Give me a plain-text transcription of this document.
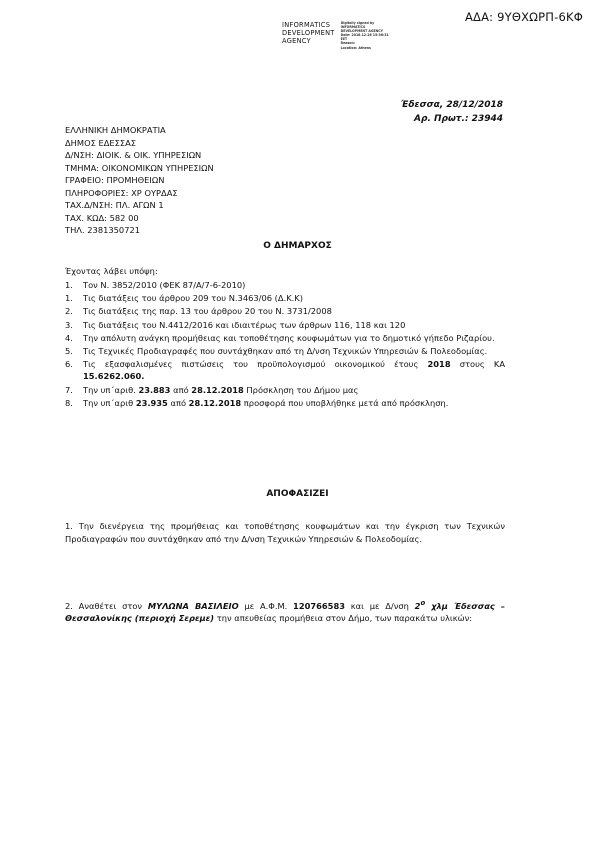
ΑΔΑ: 9ΥΘΧΩΡΠ-6ΚΦ
INFORMATICS
DEVELOPMENT
AGENCY
Digitally signed by
INFORMATICS
DEVELOPMENT AGENCY
Date: 2018.12.28 15:36:31
EET
Reason:
Location: Athens
Έδεσσα, 28/12/2018
Αρ. Πρωτ.: 23944
ΕΛΛΗΝΙΚΗ ΔΗΜΟΚΡΑΤΙΑ
ΔΗΜΟΣ ΕΔΕΣΣΑΣ
Δ/ΝΣΗ: ΔΙΟΙΚ. & ΟΙΚ. ΥΠΗΡΕΣΙΩΝ
ΤΜΗΜΑ: ΟΙΚΟΝΟΜΙΚΩΝ ΥΠΗΡΕΣΙΩΝ
ΓΡΑΦΕΙΟ: ΠΡΟΜΗΘΕΙΩΝ
ΠΛΗΡΟΦΟΡΙΕΣ: ΧΡ ΟΥΡΔΑΣ
ΤΑΧ.Δ/ΝΣΗ: ΠΛ. ΑΓΩΝ 1
ΤΑΧ. ΚΩΔ: 582 00
ΤΗΛ. 2381350721
Ο ΔΗΜΑΡΧΟΣ
Έχοντας λάβει υπόψη:
1.	Τον Ν. 3852/2010 (ΦΕΚ 87/Α/7-6-2010)
1.	Τις διατάξεις του άρθρου 209 του Ν.3463/06 (Δ.Κ.Κ)
2.	Τις διατάξεις της παρ. 13 του άρθρου 20 του Ν. 3731/2008
3.	Τις διατάξεις του Ν.4412/2016 και ιδιαιτέρως των άρθρων 116, 118 και 120
4.	Την απόλυτη ανάγκη προμήθειας και τοποθέτησης κουφωμάτων για το δημοτικό γήπεδο Ριζαρίου.
5.	Τις Τεχνικές Προδιαγραφές που συντάχθηκαν από τη Δ/νση Τεχνικών Υπηρεσιών & Πολεοδομίας.
6.	Τις εξασφαλισμένες πιστώσεις του προϋπολογισμού οικονομικού έτους 2018 στους ΚΑ 15.6262.060.
7.	Την υπ΄αριθ. 23.883 από 28.12.2018 Πρόσκληση του Δήμου μας
8.	Την υπ΄αριθ 23.935 από 28.12.2018 προσφορά που υποβλήθηκε μετά από πρόσκληση.
ΑΠΟΦΑΣΙΖΕΙ
1. Την διενέργεια της προμήθειας και τοποθέτησης κουφωμάτων και την έγκριση των Τεχνικών Προδιαγραφών που συντάχθηκαν από την Δ/νση Τεχνικών Υπηρεσιών & Πολεοδομίας.
2. Αναθέτει στον ΜΥΛΩΝΑ ΒΑΣΙΛΕΙΟ με Α.Φ.Μ. 120766583 και με Δ/νση $2^o$ χλμ Έδεσσας – Θεσσαλονίκης (περιοχή Σερεμε) την απευθείας προμήθεια στον Δήμο, των παρακάτω υλικών:
